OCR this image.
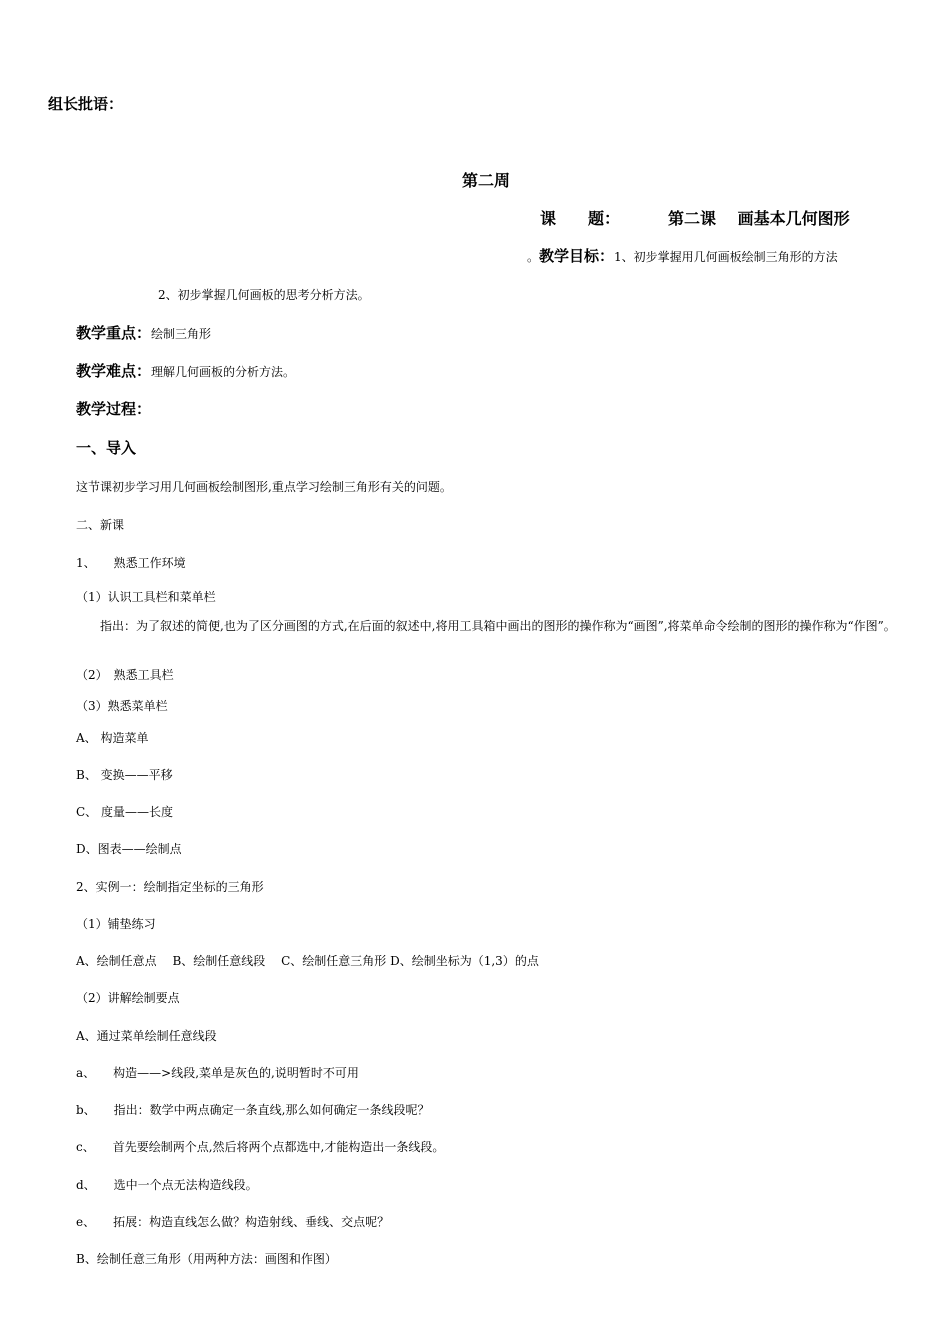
组长批语：
第二周
课　　题：	第二课　 画基本几何图形
。教学目标：1、初步掌握用几何画板绘制三角形的方法
2、初步掌握几何画板的思考分析方法。
教学重点：绘制三角形
教学难点：理解几何画板的分析方法。
教学过程：
一、导入
这节课初步学习用几何画板绘制图形,重点学习绘制三角形有关的问题。
二、新课
1、　　熟悉工作环境
（1）认识工具栏和菜单栏
　　指出：为了叙述的简便,也为了区分画图的方式,在后面的叙述中,将用工具箱中画出的图形的操作称为“画图”,将菜单命令绘制的图形的操作称为“作图”。
（2）　熟悉工具栏
（3）熟悉菜单栏
A、 构造菜单
B、 变换——平移
C、 度量——长度
D、图表——绘制点
2、实例一：绘制指定坐标的三角形
（1）铺垫练习
A、绘制任意点　 B、绘制任意线段　 C、绘制任意三角形 D、绘制坐标为（1,3）的点
（2）讲解绘制要点
A、通过菜单绘制任意线段
a、　　构造——>线段,菜单是灰色的,说明暂时不可用
b、　　指出：数学中两点确定一条直线,那么如何确定一条线段呢？
c、　　首先要绘制两个点,然后将两个点都选中,才能构造出一条线段。
d、　　选中一个点无法构造线段。
e、　　拓展：构造直线怎么做？构造射线、垂线、交点呢？
B、绘制任意三角形（用两种方法：画图和作图）
